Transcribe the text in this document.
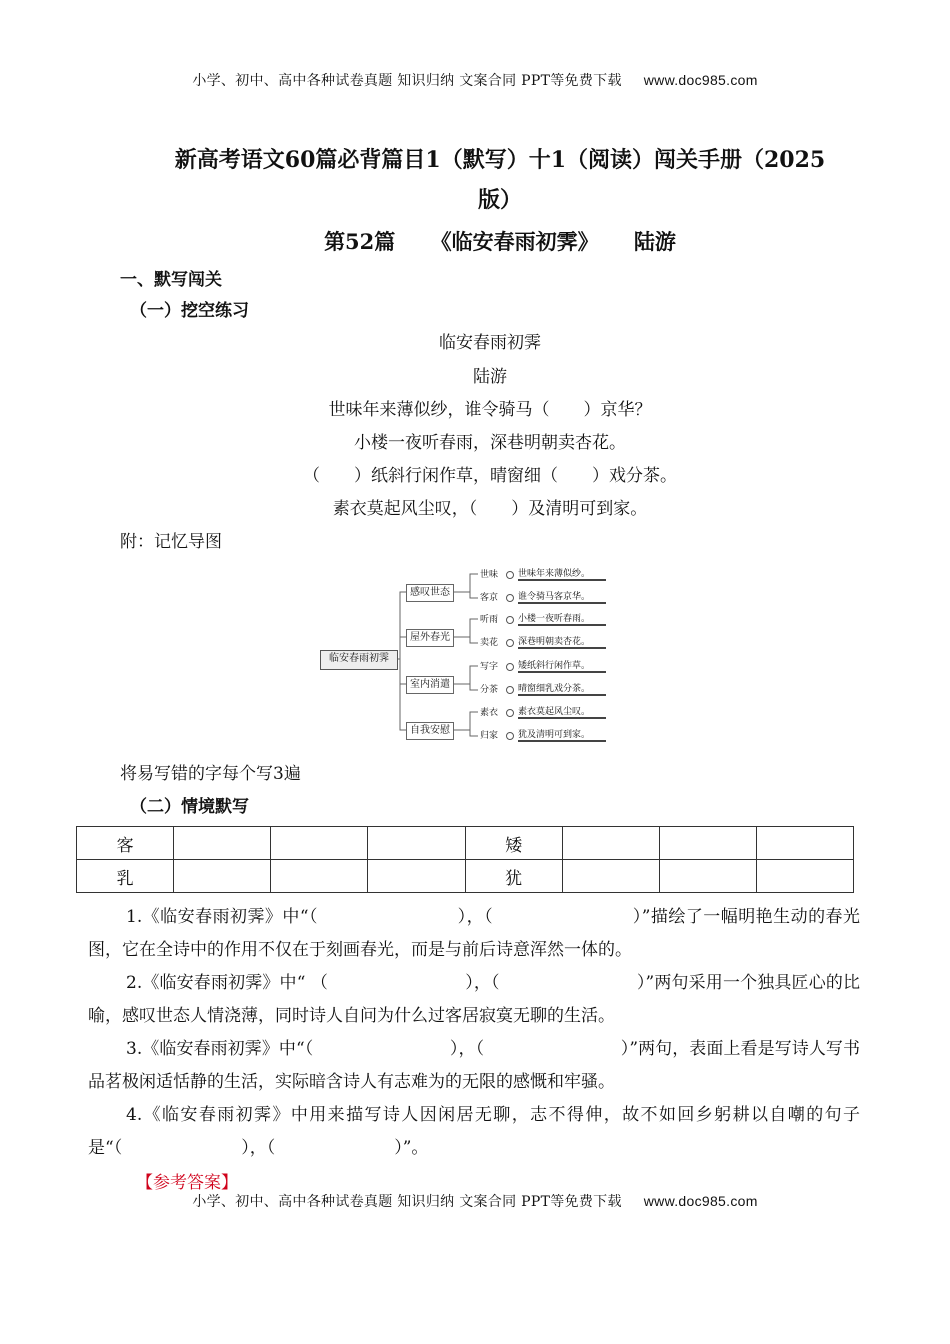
小学、初中、高中各种试卷真题 知识归纳 文案合同 PPT等免费下载 www.doc985.com
新高考语文60篇必背篇目1（默写）十1（阅读）闯关手册（2025
版）
第52篇 《临安春雨初霁》 陆游
一、默写闯关
（一）挖空练习
临安春雨初霁
陆游
世味年来薄似纱，谁令骑马（　　）京华？
小楼一夜听春雨，深巷明朝卖杏花。
（　　）纸斜行闲作草，晴窗细（　　）戏分茶。
素衣莫起风尘叹，（　　）及清明可到家。
附：记忆导图
临安春雨初霁
感叹世态
屋外春光
室内消遣
自我安慰
世味 世味年来薄似纱。
客京 谁令骑马客京华。
听雨 小楼一夜听春雨。
卖花 深巷明朝卖杏花。
写字 矮纸斜行闲作草。
分茶 晴窗细乳戏分茶。
素衣 素衣莫起风尘叹。
归家 犹及清明可到家。
将易写错的字每个写3遍
（二）情境默写
客				矮			
乳				犹			
1.《临安春雨初霁》中“（　　　　　　　　），（　　　　　　　　）”描绘了一幅明艳生动的春光图，它在全诗中的作用不仅在于刻画春光，而是与前后诗意浑然一体的。
2.《临安春雨初霁》中“ （　　　　　　　　），（　　　　　　　　）”两句采用一个独具匠心的比喻，感叹世态人情浇薄，同时诗人自问为什么过客居寂寞无聊的生活。
3.《临安春雨初霁》中“（　　　　　　　　），（　　　　　　　　）”两句，表面上看是写诗人写书品茗极闲适恬静的生活，实际暗含诗人有志难为的无限的感慨和牢骚。
4.《临安春雨初霁》中用来描写诗人因闲居无聊，志不得伸，故不如回乡躬耕以自嘲的句子是“（　　　　　　　），（　　　　　　　）”。
【参考答案】
小学、初中、高中各种试卷真题 知识归纳 文案合同 PPT等免费下载 www.doc985.com
